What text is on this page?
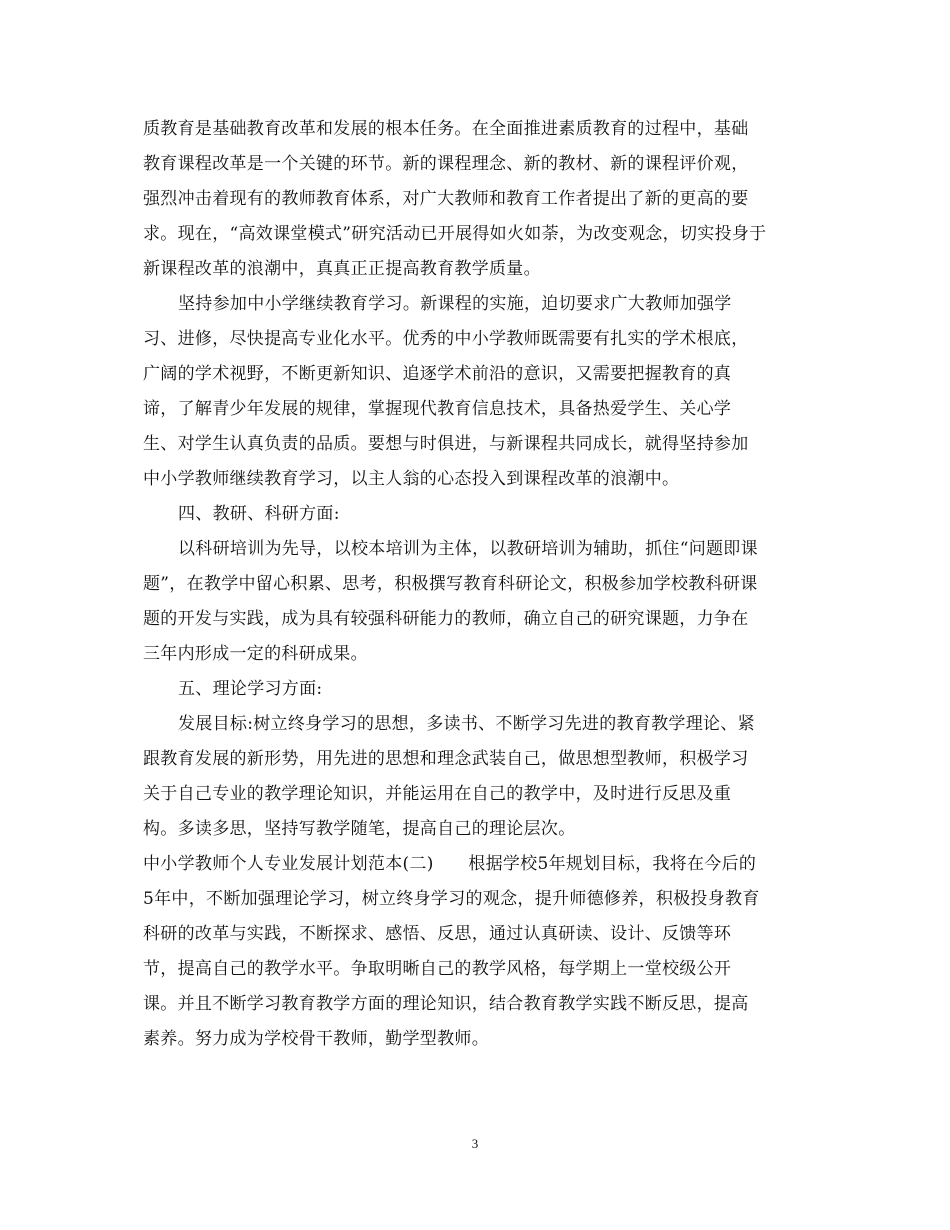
质教育是基础教育改革和发展的根本任务。在全面推进素质教育的过程中，基础
教育课程改革是一个关键的环节。新的课程理念、新的教材、新的课程评价观，
强烈冲击着现有的教师教育体系，对广大教师和教育工作者提出了新的更高的要
求。现在，“高效课堂模式”研究活动已开展得如火如荼，为改变观念，切实投身于
新课程改革的浪潮中，真真正正提高教育教学质量。
坚持参加中小学继续教育学习。新课程的实施，迫切要求广大教师加强学
习、进修，尽快提高专业化水平。优秀的中小学教师既需要有扎实的学术根底，
广阔的学术视野，不断更新知识、追逐学术前沿的意识，又需要把握教育的真
谛，了解青少年发展的规律，掌握现代教育信息技术，具备热爱学生、关心学
生、对学生认真负责的品质。要想与时俱进，与新课程共同成长，就得坚持参加
中小学教师继续教育学习，以主人翁的心态投入到课程改革的浪潮中。
四、教研、科研方面:
以科研培训为先导，以校本培训为主体，以教研培训为辅助，抓住“问题即课
题”，在教学中留心积累、思考，积极撰写教育科研论文，积极参加学校教科研课
题的开发与实践，成为具有较强科研能力的教师，确立自己的研究课题，力争在
三年内形成一定的科研成果。
五、理论学习方面:
发展目标:树立终身学习的思想，多读书、不断学习先进的教育教学理论、紧
跟教育发展的新形势，用先进的思想和理念武装自己，做思想型教师，积极学习
关于自己专业的教学理论知识，并能运用在自己的教学中，及时进行反思及重
构。多读多思，坚持写教学随笔，提高自己的理论层次。
中小学教师个人专业发展计划范本(二)　　根据学校5年规划目标，我将在今后的
5年中，不断加强理论学习，树立终身学习的观念，提升师德修养，积极投身教育
科研的改革与实践，不断探求、感悟、反思，通过认真研读、设计、反馈等环
节，提高自己的教学水平。争取明晰自己的教学风格，每学期上一堂校级公开
课。并且不断学习教育教学方面的理论知识，结合教育教学实践不断反思，提高
素养。努力成为学校骨干教师，勤学型教师。
3
